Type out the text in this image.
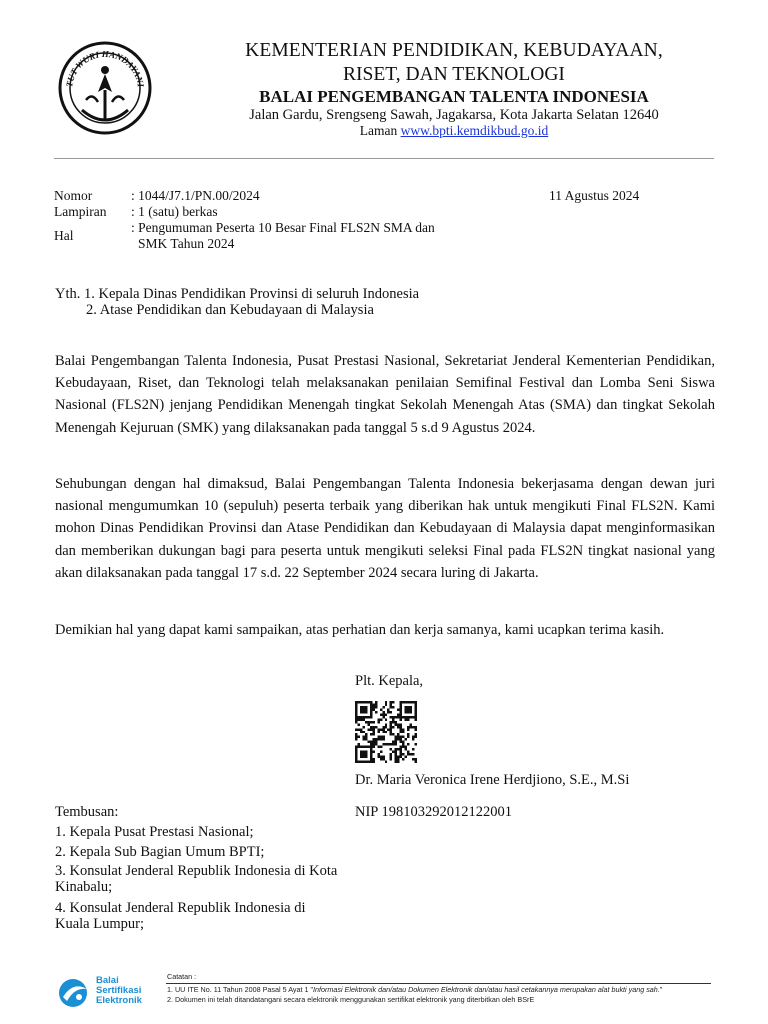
TUT WURI HANDAYANI
KEMENTERIAN PENDIDIKAN, KEBUDAYAAN,
RISET, DAN TEKNOLOGI
BALAI PENGEMBANGAN TALENTA INDONESIA
Jalan Gardu, Srengseng Sawah, Jagakarsa, Kota Jakarta Selatan 12640
Laman www.bpti.kemdikbud.go.id
Nomor	: 1044/J7.1/PN.00/2024	11 Agustus 2024
Lampiran : 1 (satu) berkas
Hal
: Pengumuman Peserta 10 Besar Final FLS2N SMA dan
SMK Tahun 2024
Yth. 1. Kepala Dinas Pendidikan Provinsi di seluruh Indonesia
2. Atase Pendidikan dan Kebudayaan di Malaysia
Balai Pengembangan Talenta Indonesia, Pusat Prestasi Nasional, Sekretariat Jenderal Kementerian Pendidikan, Kebudayaan, Riset, dan Teknologi telah melaksanakan penilaian Semifinal Festival dan Lomba Seni Siswa Nasional (FLS2N) jenjang Pendidikan Menengah tingkat Sekolah Menengah Atas (SMA) dan tingkat Sekolah Menengah Kejuruan (SMK) yang dilaksanakan pada tanggal 5 s.d 9 Agustus 2024.
Sehubungan dengan hal dimaksud, Balai Pengembangan Talenta Indonesia bekerjasama dengan dewan juri nasional mengumumkan 10 (sepuluh) peserta terbaik yang diberikan hak untuk mengikuti Final FLS2N. Kami mohon Dinas Pendidikan Provinsi dan Atase Pendidikan dan Kebudayaan di Malaysia dapat menginformasikan dan memberikan dukungan bagi para peserta untuk mengikuti seleksi Final pada FLS2N tingkat nasional yang akan dilaksanakan pada tanggal 17 s.d. 22 September 2024 secara luring di Jakarta.
Demikian hal yang dapat kami sampaikan, atas perhatian dan kerja samanya, kami ucapkan terima kasih.
Plt. Kepala,
Dr. Maria Veronica Irene Herdjiono, S.E., M.Si
NIP 198103292012122001
Tembusan:
1. Kepala Pusat Prestasi Nasional;
2. Kepala Sub Bagian Umum BPTI;
3. Konsulat Jenderal Republik Indonesia di Kota
Kinabalu;
4. Konsulat Jenderal Republik Indonesia di
Kuala Lumpur;
Balai
Sertifikasi
Elektronik
Catatan :
1. UU ITE No. 11 Tahun 2008 Pasal 5 Ayat 1 "Informasi Elektronik dan/atau Dokumen Elektronik dan/atau hasil cetakannya merupakan alat bukti yang sah."
2. Dokumen ini telah ditandatangani secara elektronik menggunakan sertifikat elektronik yang diterbitkan oleh BSrE
